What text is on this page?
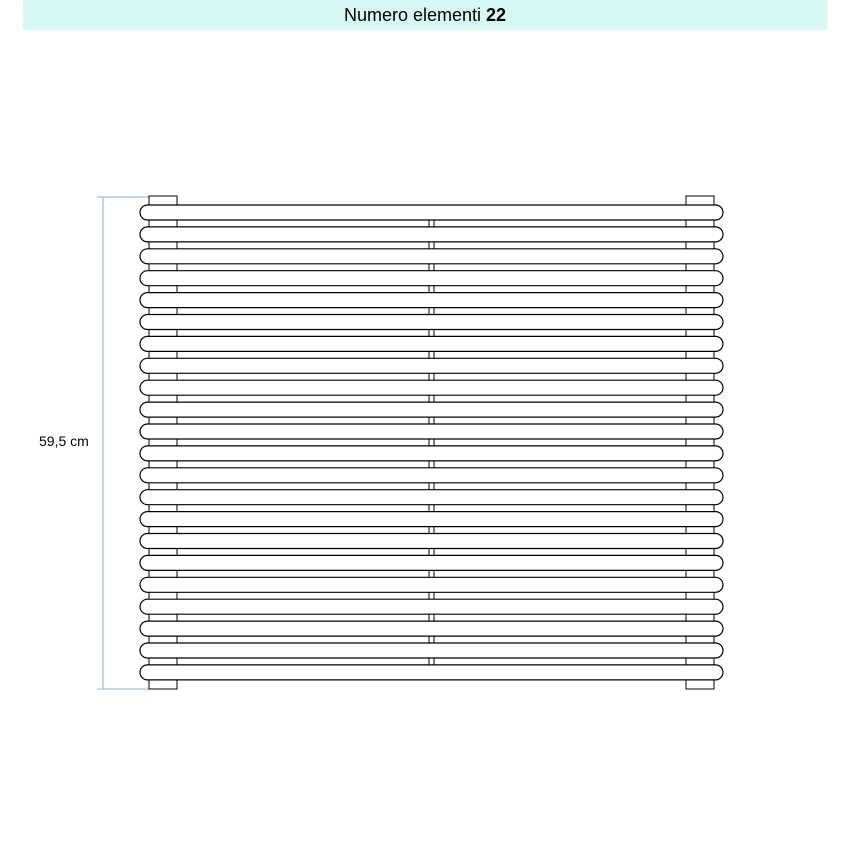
Numero elementi 22
59,5 cm
